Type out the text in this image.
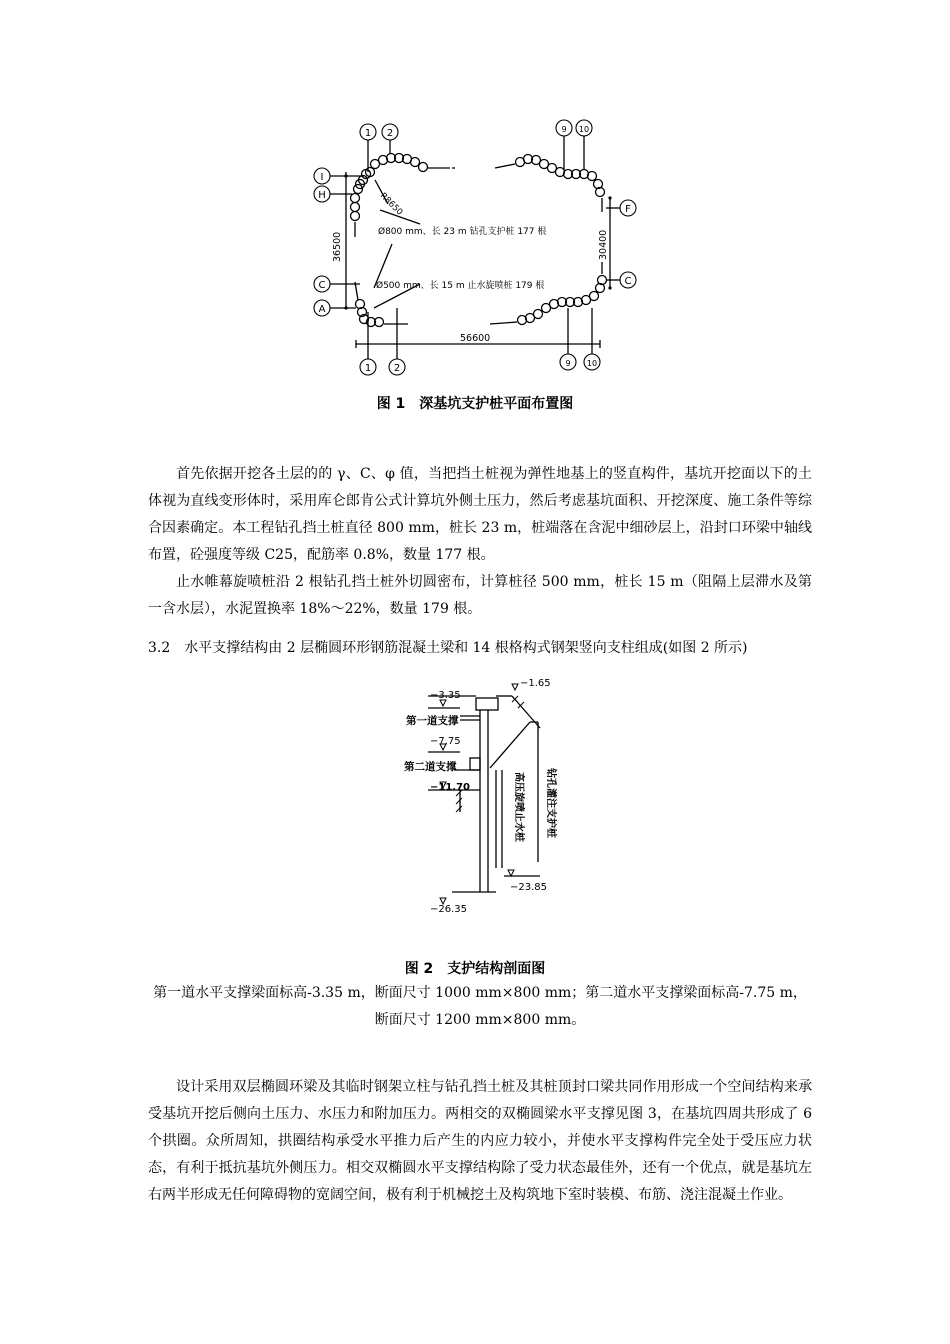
1 2	9 10
1 2	9 10
I
H
C
A
F
C
36500	30400
56600
R8650
Ø800 mm、长 23 m 钻孔支护桩 177 根
Ø500 mm、长 15 m 止水旋喷桩 179 根
图 1　深基坑支护桩平面布置图

首先依据开挖各土层的的 γ、C、φ 值，当把挡土桩视为弹性地基上的竖直构件，基坑开挖面以下的土体视为直线变形体时，采用库仑郎肯公式计算坑外侧土压力，然后考虑基坑面积、开挖深度、施工条件等综合因素确定。本工程钻孔挡土桩直径 800 mm，桩长 23 m，桩端落在含泥中细砂层上，沿封口环梁中轴线布置，砼强度等级 C25，配筋率 0.8%，数量 177 根。

止水帷幕旋喷桩沿 2 根钻孔挡土桩外切圆密布，计算桩径 500 mm，桩长 15 m（阻隔上层滞水及第一含水层），水泥置换率 18%～22%，数量 179 根。

3.2　水平支撑结构由 2 层椭圆环形钢筋混凝土梁和 14 根格构式钢架竖向支柱组成(如图 2 所示)

−1.65
−3.35
第一道支撑
−7.75
第二道支撑
−11.70	高压旋喷止水桩 钻孔灌注支护桩
−23.85
−26.35
图 2　支护结构剖面图

第一道水平支撑梁面标高-3.35 m，断面尺寸 1000 mm×800 mm；第二道水平支撑梁面标高-7.75 m，断面尺寸 1200 mm×800 mm。

设计采用双层椭圆环梁及其临时钢架立柱与钻孔挡土桩及其桩顶封口梁共同作用形成一个空间结构来承受基坑开挖后侧向土压力、水压力和附加压力。两相交的双椭圆梁水平支撑见图 3，在基坑四周共形成了 6 个拱圈。众所周知，拱圈结构承受水平推力后产生的内应力较小，并使水平支撑构件完全处于受压应力状态，有利于抵抗基坑外侧压力。相交双椭圆水平支撑结构除了受力状态最佳外，还有一个优点，就是基坑左右两半形成无任何障碍物的宽阔空间，极有利于机械挖土及构筑地下室时装模、布筋、浇注混凝土作业。
